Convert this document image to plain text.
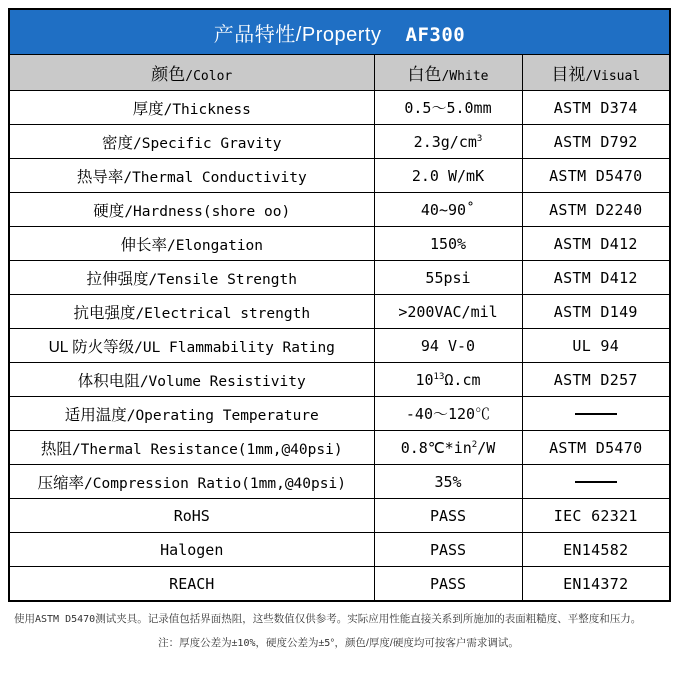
产品特性/Property AF300		
颜色/Color	白色/White	目视/Visual
厚度/Thickness	0.5～5.0mm	ASTM D374
密度/Specific Gravity	$2.3g/cm^3$	ASTM D792
热导率/Thermal Conductivity	2.0 W/mK	ASTM D5470
硬度/Hardness(shore oo)	40~90˚	ASTM D2240
伸长率/Elongation	150%	ASTM D412
拉伸强度/Tensile Strength	55psi	ASTM D412
抗电强度/Electrical strength	>200VAC/mil	ASTM D149
UL 防火等级/UL Flammability Rating	94 V-0	UL 94
体积电阻/Volume Resistivity	$10^{13}\Omega.cm$	ASTM D257
适用温度/Operating Temperature	-40～120℃	
热阻/Thermal Resistance(1mm,@40psi)	$0.8℃*in^2/W$	ASTM D5470
压缩率/Compression Ratio(1mm,@40psi)	35%	
RoHS	PASS	IEC 62321
Halogen	PASS	EN14582
REACH	PASS	EN14372
使用ASTM D5470测试夹具。记录值包括界面热阻，这些数值仅供参考。实际应用性能直接关系到所施加的表面粗糙度、平整度和压力。
注：厚度公差为±10%，硬度公差为±5°，颜色/厚度/硬度均可按客户需求调试。
